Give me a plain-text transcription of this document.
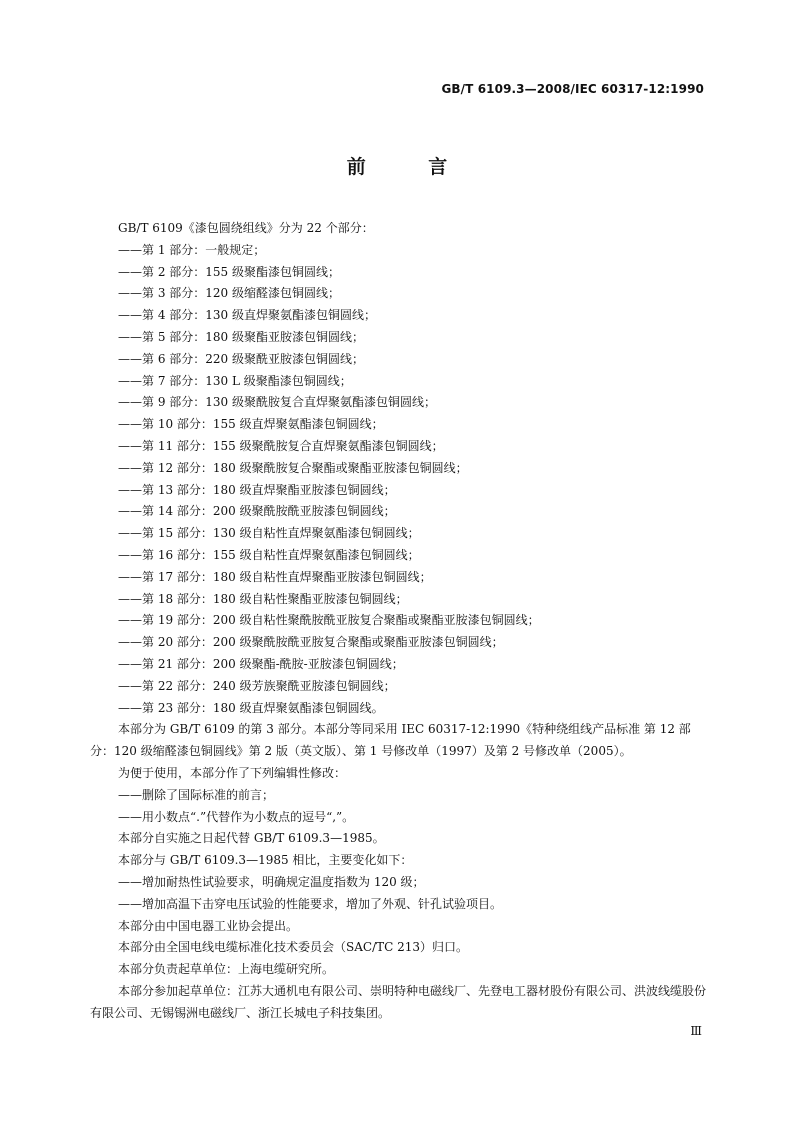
GB/T 6109.3—2008/IEC 60317-12:1990
前 言

GB/T 6109《漆包圆绕组线》分为 22 个部分：

——第 1 部分：一般规定；

——第 2 部分：155 级聚酯漆包铜圆线；

——第 3 部分：120 级缩醛漆包铜圆线；

——第 4 部分：130 级直焊聚氨酯漆包铜圆线；

——第 5 部分：180 级聚酯亚胺漆包铜圆线；

——第 6 部分：220 级聚酰亚胺漆包铜圆线；

——第 7 部分：130 L 级聚酯漆包铜圆线；

——第 9 部分：130 级聚酰胺复合直焊聚氨酯漆包铜圆线；

——第 10 部分：155 级直焊聚氨酯漆包铜圆线；

——第 11 部分：155 级聚酰胺复合直焊聚氨酯漆包铜圆线；

——第 12 部分：180 级聚酰胺复合聚酯或聚酯亚胺漆包铜圆线；

——第 13 部分：180 级直焊聚酯亚胺漆包铜圆线；

——第 14 部分：200 级聚酰胺酰亚胺漆包铜圆线；

——第 15 部分：130 级自粘性直焊聚氨酯漆包铜圆线；

——第 16 部分：155 级自粘性直焊聚氨酯漆包铜圆线；

——第 17 部分：180 级自粘性直焊聚酯亚胺漆包铜圆线；

——第 18 部分：180 级自粘性聚酯亚胺漆包铜圆线；

——第 19 部分：200 级自粘性聚酰胺酰亚胺复合聚酯或聚酯亚胺漆包铜圆线；

——第 20 部分：200 级聚酰胺酰亚胺复合聚酯或聚酯亚胺漆包铜圆线；

——第 21 部分：200 级聚酯-酰胺-亚胺漆包铜圆线；

——第 22 部分：240 级芳族聚酰亚胺漆包铜圆线；

——第 23 部分：180 级直焊聚氨酯漆包铜圆线。

本部分为 GB/T 6109 的第 3 部分。本部分等同采用 IEC 60317-12:1990《特种绕组线产品标准 第 12 部分：120 级缩醛漆包铜圆线》第 2 版（英文版）、第 1 号修改单（1997）及第 2 号修改单（2005）。

为便于使用，本部分作了下列编辑性修改：

——删除了国际标准的前言；

——用小数点“.”代替作为小数点的逗号“,”。

本部分自实施之日起代替 GB/T 6109.3—1985。

本部分与 GB/T 6109.3—1985 相比，主要变化如下：

——增加耐热性试验要求，明确规定温度指数为 120 级；

——增加高温下击穿电压试验的性能要求，增加了外观、针孔试验项目。

本部分由中国电器工业协会提出。

本部分由全国电线电缆标准化技术委员会（SAC/TC 213）归口。

本部分负责起草单位：上海电缆研究所。

本部分参加起草单位：江苏大通机电有限公司、崇明特种电磁线厂、先登电工器材股份有限公司、洪波线缆股份有限公司、无锡锡洲电磁线厂、浙江长城电子科技集团。

Ⅲ
